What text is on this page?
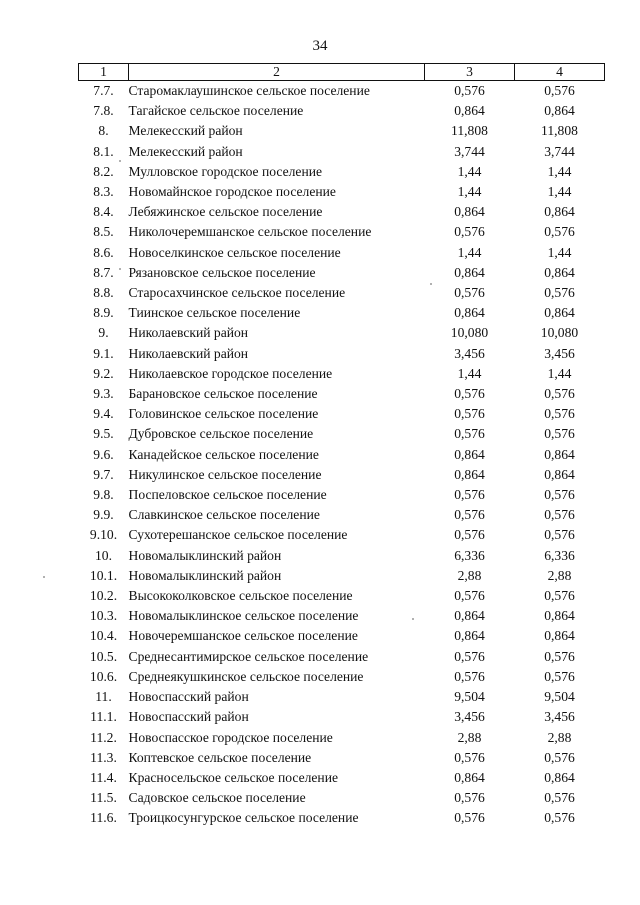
34
1	2	3	4
7.7.	Старомаклаушинское сельское поселение	0,576	0,576
7.8.	Тагайское сельское поселение	0,864	0,864
8.	Мелекесский район	11,808	11,808
8.1.	Мелекесский район	3,744	3,744
8.2.	Мулловское городское поселение	1,44	1,44
8.3.	Новомайнское городское поселение	1,44	1,44
8.4.	Лебяжинское сельское поселение	0,864	0,864
8.5.	Николочеремшанское сельское поселение	0,576	0,576
8.6.	Новоселкинское сельское поселение	1,44	1,44
8.7.	Рязановское сельское поселение	0,864	0,864
8.8.	Старосахчинское сельское поселение	0,576	0,576
8.9.	Тиинское сельское поселение	0,864	0,864
9.	Николаевский район	10,080	10,080
9.1.	Николаевский район	3,456	3,456
9.2.	Николаевское городское поселение	1,44	1,44
9.3.	Барановское сельское поселение	0,576	0,576
9.4.	Головинское сельское поселение	0,576	0,576
9.5.	Дубровское сельское поселение	0,576	0,576
9.6.	Канадейское сельское поселение	0,864	0,864
9.7.	Никулинское сельское поселение	0,864	0,864
9.8.	Поспеловское сельское поселение	0,576	0,576
9.9.	Славкинское сельское поселение	0,576	0,576
9.10.	Сухотерешанское сельское поселение	0,576	0,576
10.	Новомалыклинский район	6,336	6,336
10.1.	Новомалыклинский район	2,88	2,88
10.2.	Высококолковское сельское поселение	0,576	0,576
10.3.	Новомалыклинское сельское поселение	0,864	0,864
10.4.	Новочеремшанское сельское поселение	0,864	0,864
10.5.	Среднесантимирское сельское поселение	0,576	0,576
10.6.	Среднеякушкинское сельское поселение	0,576	0,576
11.	Новоспасский район	9,504	9,504
11.1.	Новоспасский район	3,456	3,456
11.2.	Новоспасское городское поселение	2,88	2,88
11.3.	Коптевское сельское поселение	0,576	0,576
11.4.	Красносельское сельское поселение	0,864	0,864
11.5.	Садовское сельское поселение	0,576	0,576
11.6.	Троицкосунгурское сельское поселение	0,576	0,576
